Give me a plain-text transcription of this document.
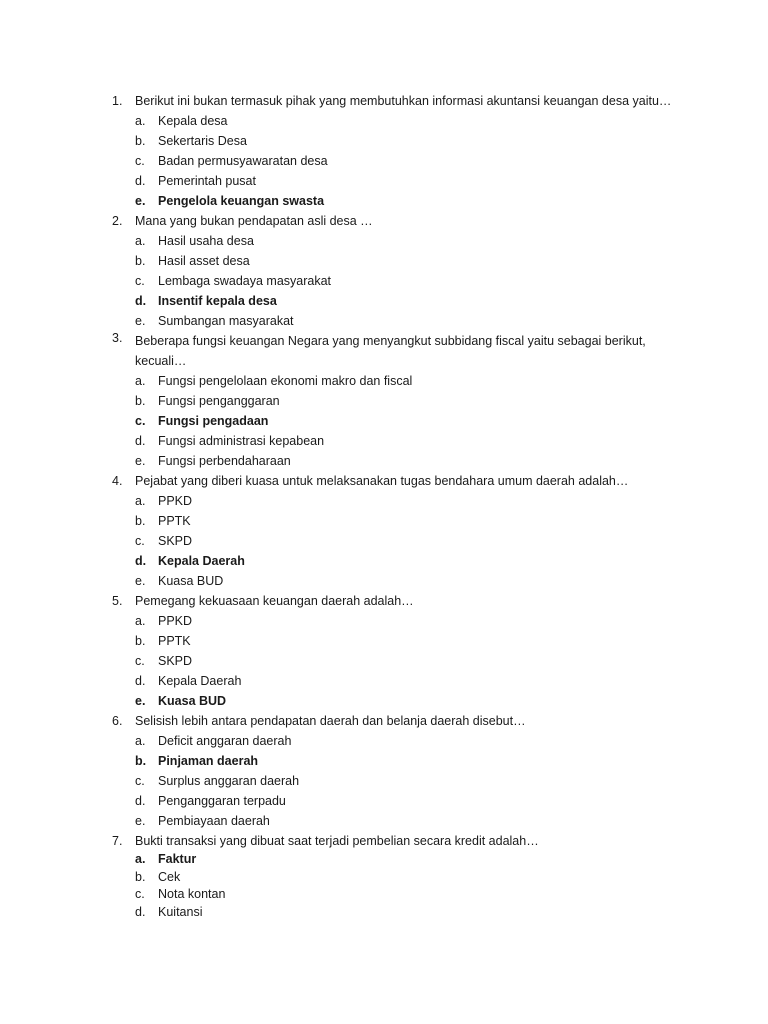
1. Berikut ini bukan termasuk pihak yang membutuhkan informasi akuntansi keuangan desa yaitu…
a. Kepala desa
b. Sekertaris Desa
c. Badan permusyawaratan desa
d. Pemerintah pusat
e. Pengelola keuangan swasta
2. Mana yang bukan pendapatan asli desa …
a. Hasil usaha desa
b. Hasil asset desa
c. Lembaga swadaya masyarakat
d. Insentif kepala desa
e. Sumbangan masyarakat
3. Beberapa fungsi keuangan Negara yang menyangkut subbidang fiscal yaitu sebagai berikut, kecuali…
a. Fungsi pengelolaan ekonomi makro dan fiscal
b. Fungsi penganggaran
c. Fungsi pengadaan
d. Fungsi administrasi kepabean
e. Fungsi perbendaharaan
4. Pejabat yang diberi kuasa untuk melaksanakan tugas bendahara umum daerah adalah…
a. PPKD
b. PPTK
c. SKPD
d. Kepala Daerah
e. Kuasa BUD
5. Pemegang kekuasaan keuangan daerah adalah…
a. PPKD
b. PPTK
c. SKPD
d. Kepala Daerah
e. Kuasa BUD
6. Selisish lebih antara pendapatan daerah dan belanja daerah disebut…
a. Deficit anggaran daerah
b. Pinjaman daerah
c. Surplus anggaran daerah
d. Penganggaran terpadu
e. Pembiayaan daerah
7. Bukti transaksi yang dibuat saat terjadi pembelian secara kredit adalah…
a. Faktur
b. Cek
c. Nota kontan
d. Kuitansi
